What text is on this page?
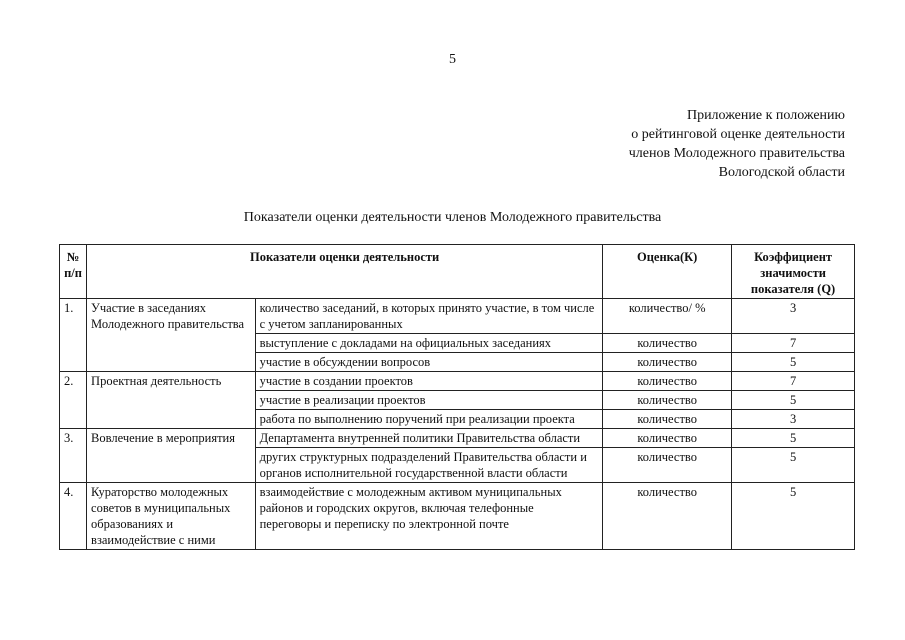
5
Приложение к положению
о рейтинговой оценке деятельности
членов Молодежного правительства
Вологодской области
Показатели оценки деятельности членов Молодежного правительства
№ п/п	Показатели оценки деятельности		Оценка(К)	Коэффициент значимости показателя (Q)
1.	Участие в заседаниях Молодежного правительства	количество заседаний, в которых принято участие, в том числе с учетом запланированных	количество/ %	3
		выступление с докладами на официальных заседаниях	количество	7
		участие в обсуждении вопросов	количество	5
2.	Проектная деятельность	участие в создании проектов	количество	7
		участие в реализации проектов	количество	5
		работа по выполнению поручений при реализации проекта	количество	3
3.	Вовлечение в мероприятия	Департамента внутренней политики Правительства области	количество	5
		других структурных подразделений Правительства области и органов исполнительной государственной власти области	количество	5
4.	Кураторство молодежных советов в муниципальных образованиях и взаимодействие с ними	взаимодействие с молодежным активом муниципальных районов и городских округов, включая телефонные переговоры и переписку по электронной почте	количество	5
